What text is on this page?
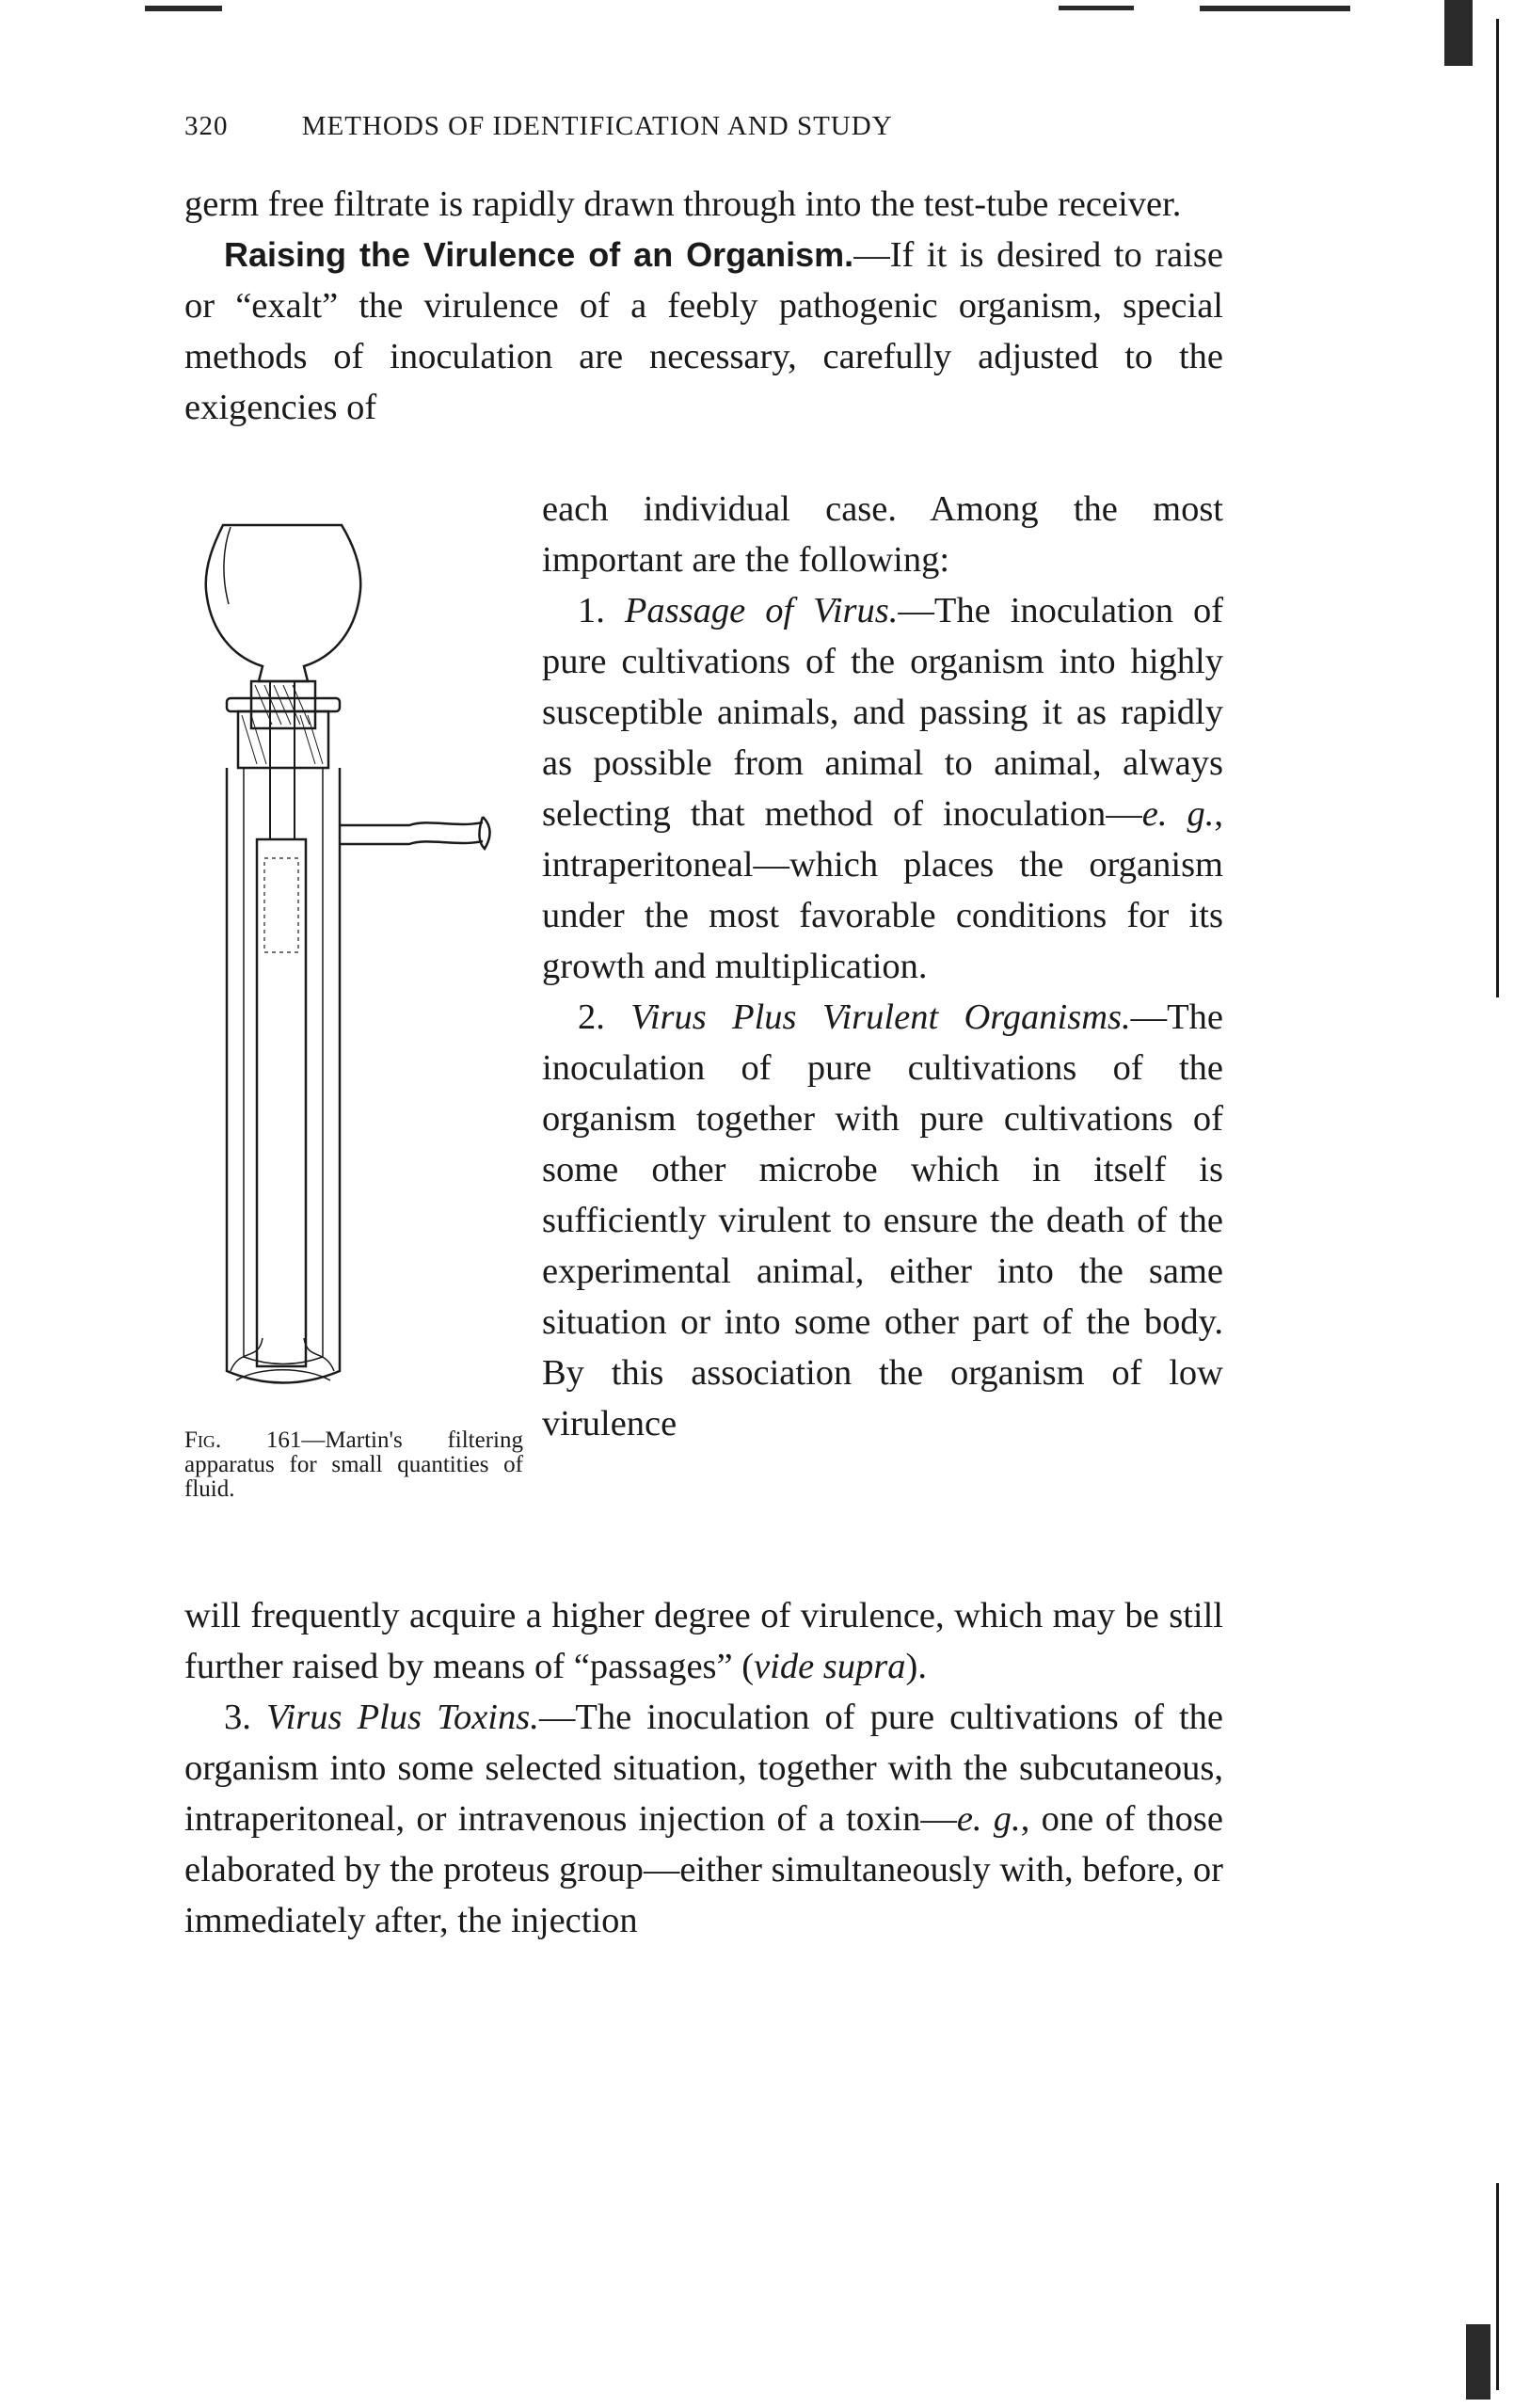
320	METHODS OF IDENTIFICATION AND STUDY

germ free filtrate is rapidly drawn through into the test-tube receiver.

Raising the Virulence of an Organism.—If it is desired to raise or “exalt” the virulence of a feebly pathogenic organism, special methods of inoculation are necessary, carefully adjusted to the exigencies of

Fig. 161—Martin's filtering apparatus for small quantities of fluid.

each individual case. Among the most important are the following:

1. Passage of Virus.—The inoculation of pure cultivations of the organism into highly susceptible animals, and passing it as rapidly as possible from animal to animal, always selecting that method of inoculation—e. g., intraperitoneal—which places the organism under the most favorable conditions for its growth and multiplication.

2. Virus Plus Virulent Organisms.—The inoculation of pure cultivations of the organism together with pure cultivations of some other microbe which in itself is sufficiently virulent to ensure the death of the experimental animal, either into the same situation or into some other part of the body. By this association the organism of low virulence

will frequently acquire a higher degree of virulence, which may be still further raised by means of “passages” (vide supra).

3. Virus Plus Toxins.—The inoculation of pure cultivations of the organism into some selected situation, together with the subcutaneous, intraperitoneal, or intravenous injection of a toxin—e. g., one of those elaborated by the proteus group—either simultaneously with, before, or immediately after, the injection
